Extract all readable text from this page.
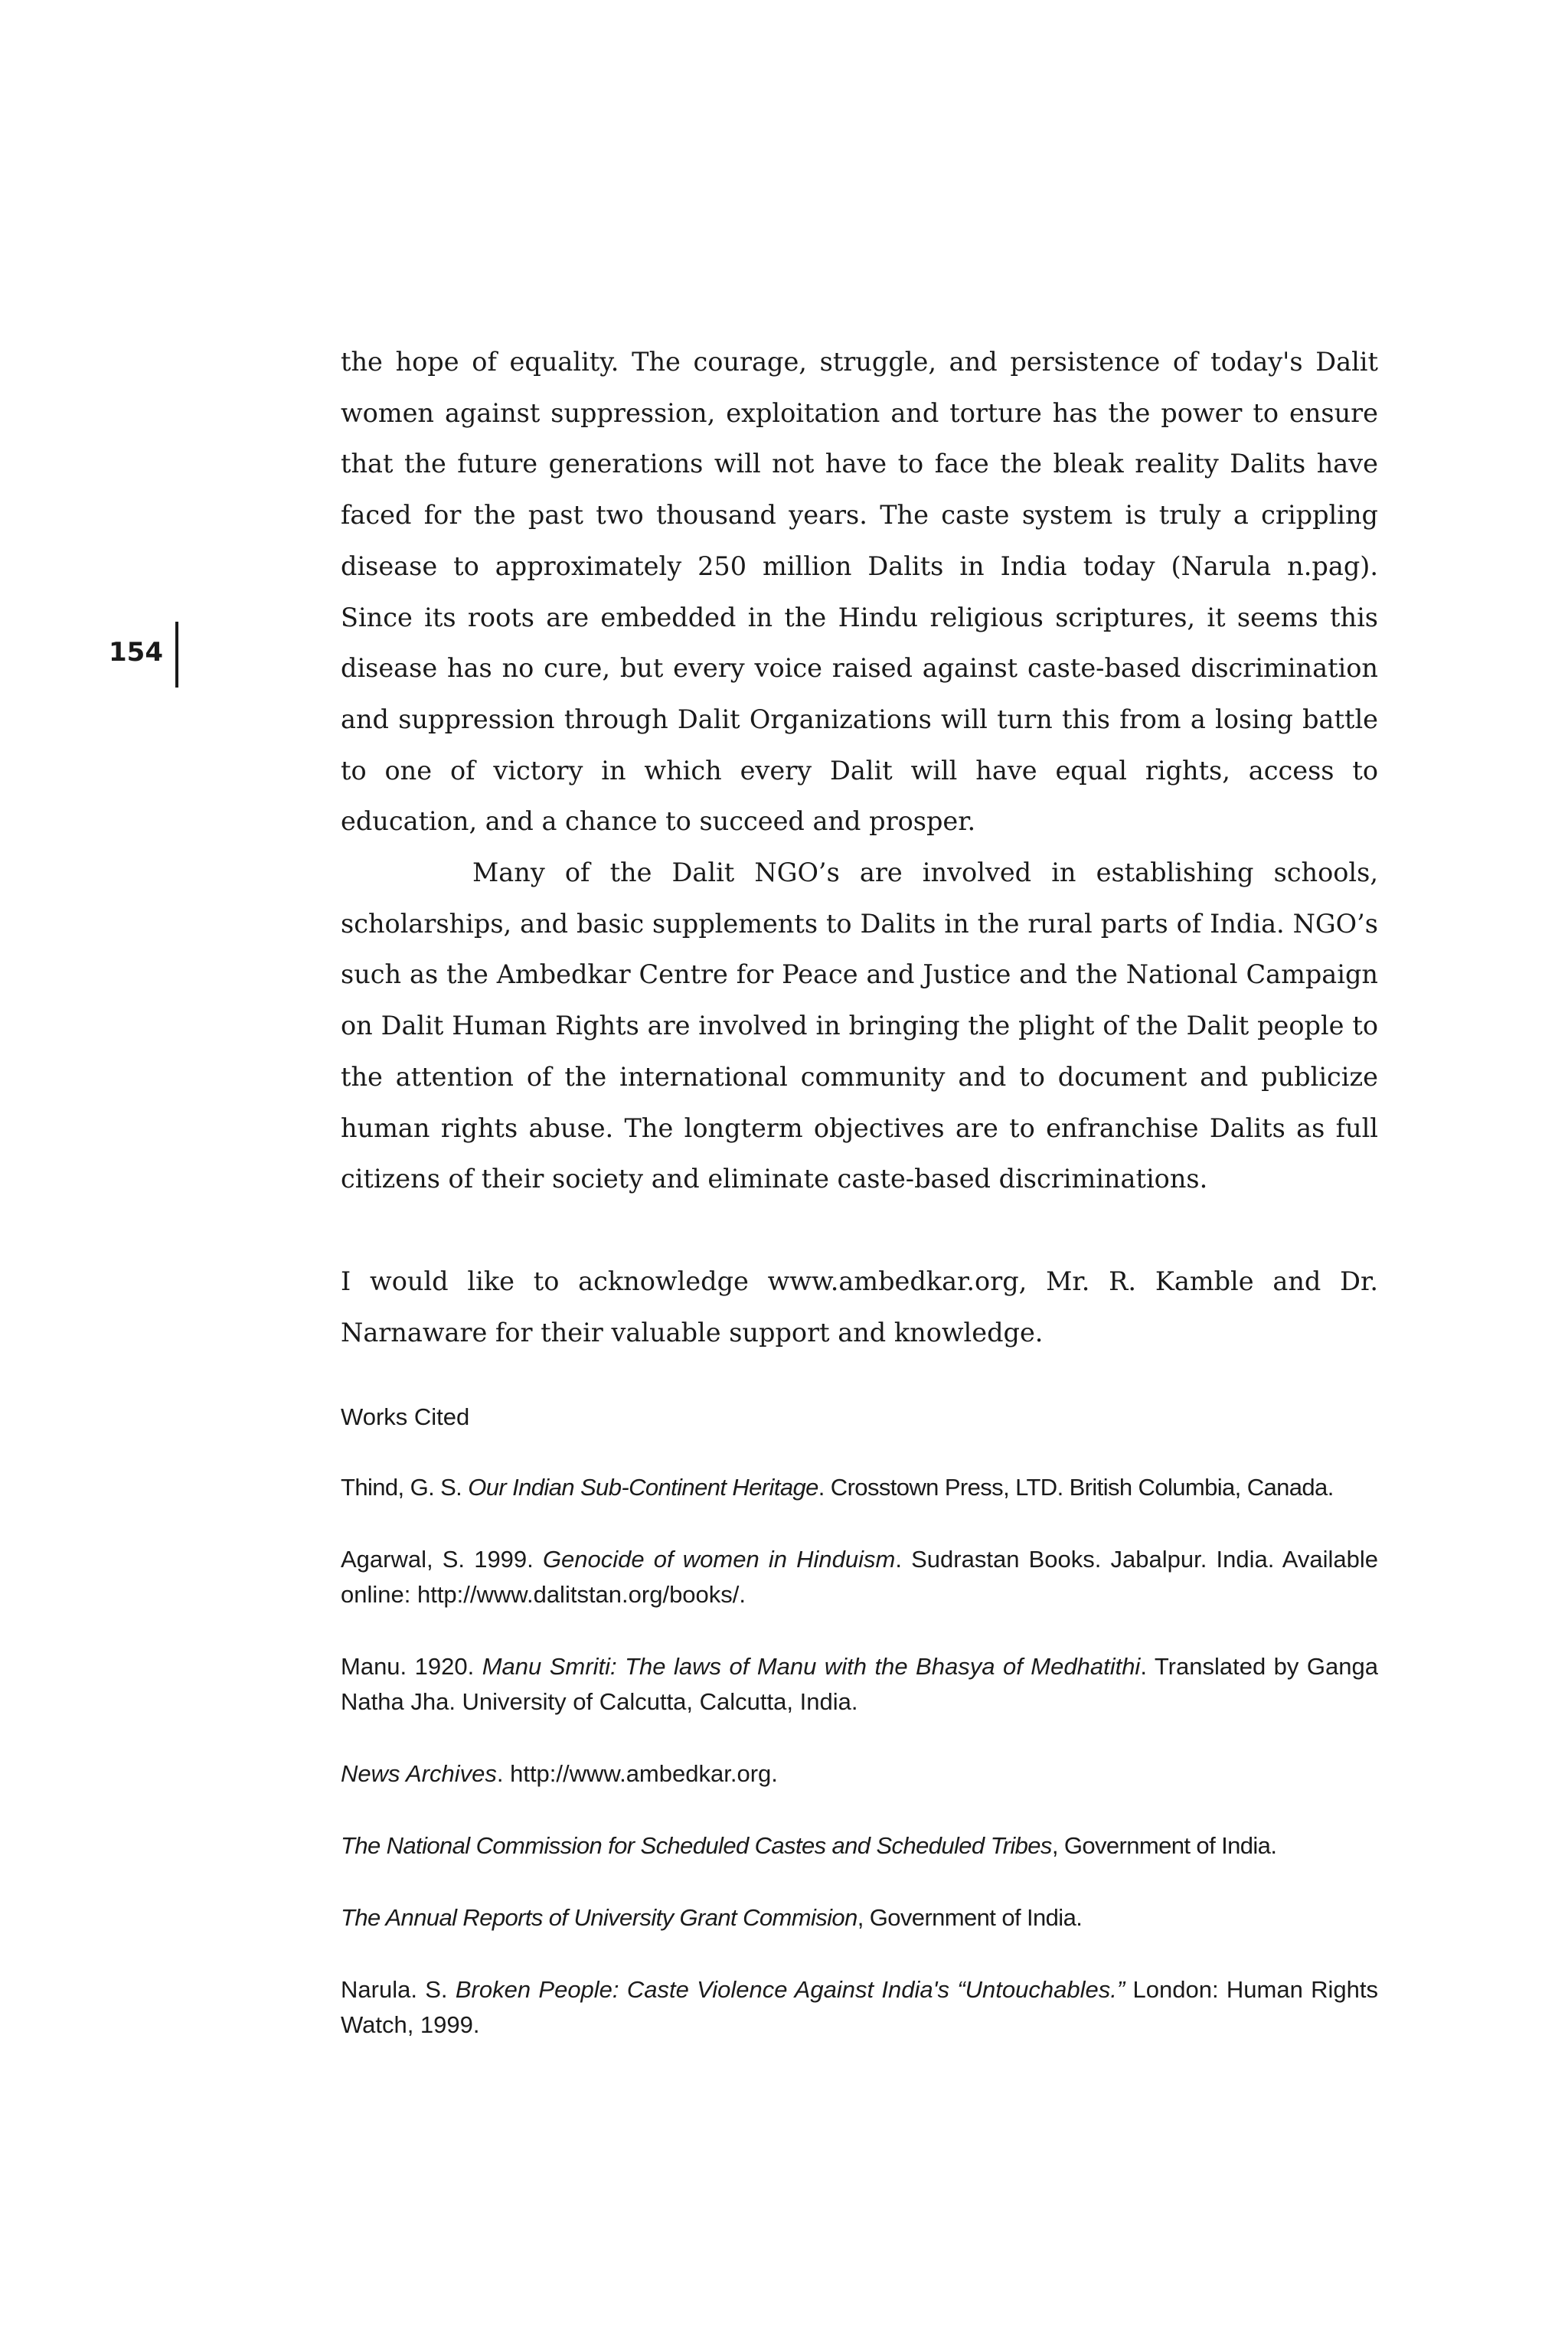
154

the hope of equality. The courage, struggle, and persistence of today's Dalit women against suppression, exploitation and torture has the power to ensure that the future generations will not have to face the bleak reality Dalits have faced for the past two thousand years. The caste system is truly a crippling disease to approximately 250 million Dalits in India today (Narula n.pag). Since its roots are embedded in the Hindu religious scriptures, it seems this disease has no cure, but every voice raised against caste-based discrimination and suppression through Dalit Organizations will turn this from a losing battle to one of victory in which every Dalit will have equal rights, access to education, and a chance to succeed and prosper.

Many of the Dalit NGO’s are involved in establishing schools, scholarships, and basic supplements to Dalits in the rural parts of India. NGO’s such as the Ambedkar Centre for Peace and Justice and the National Campaign on Dalit Human Rights are involved in bringing the plight of the Dalit people to the attention of the international community and to document and publicize human rights abuse. The longterm objectives are to enfranchise Dalits as full citizens of their society and eliminate caste-based discriminations.

I would like to acknowledge www.ambedkar.org, Mr. R. Kamble and Dr. Narnaware for their valuable support and knowledge.

Works Cited

Thind, G. S. Our Indian Sub-Continent Heritage. Crosstown Press, LTD. British Columbia, Canada.

Agarwal, S. 1999. Genocide of women in Hinduism. Sudrastan Books. Jabalpur. India. Available online: http://www.dalitstan.org/books/.

Manu. 1920. Manu Smriti: The laws of Manu with the Bhasya of Medhatithi. Translated by Ganga Natha Jha. University of Calcutta, Calcutta, India.

News Archives. http://www.ambedkar.org.

The National Commission for Scheduled Castes and Scheduled Tribes, Government of India.

The Annual Reports of University Grant Commision, Government of India.

Narula. S. Broken People: Caste Violence Against India's “Untouchables.” London: Human Rights Watch, 1999.
